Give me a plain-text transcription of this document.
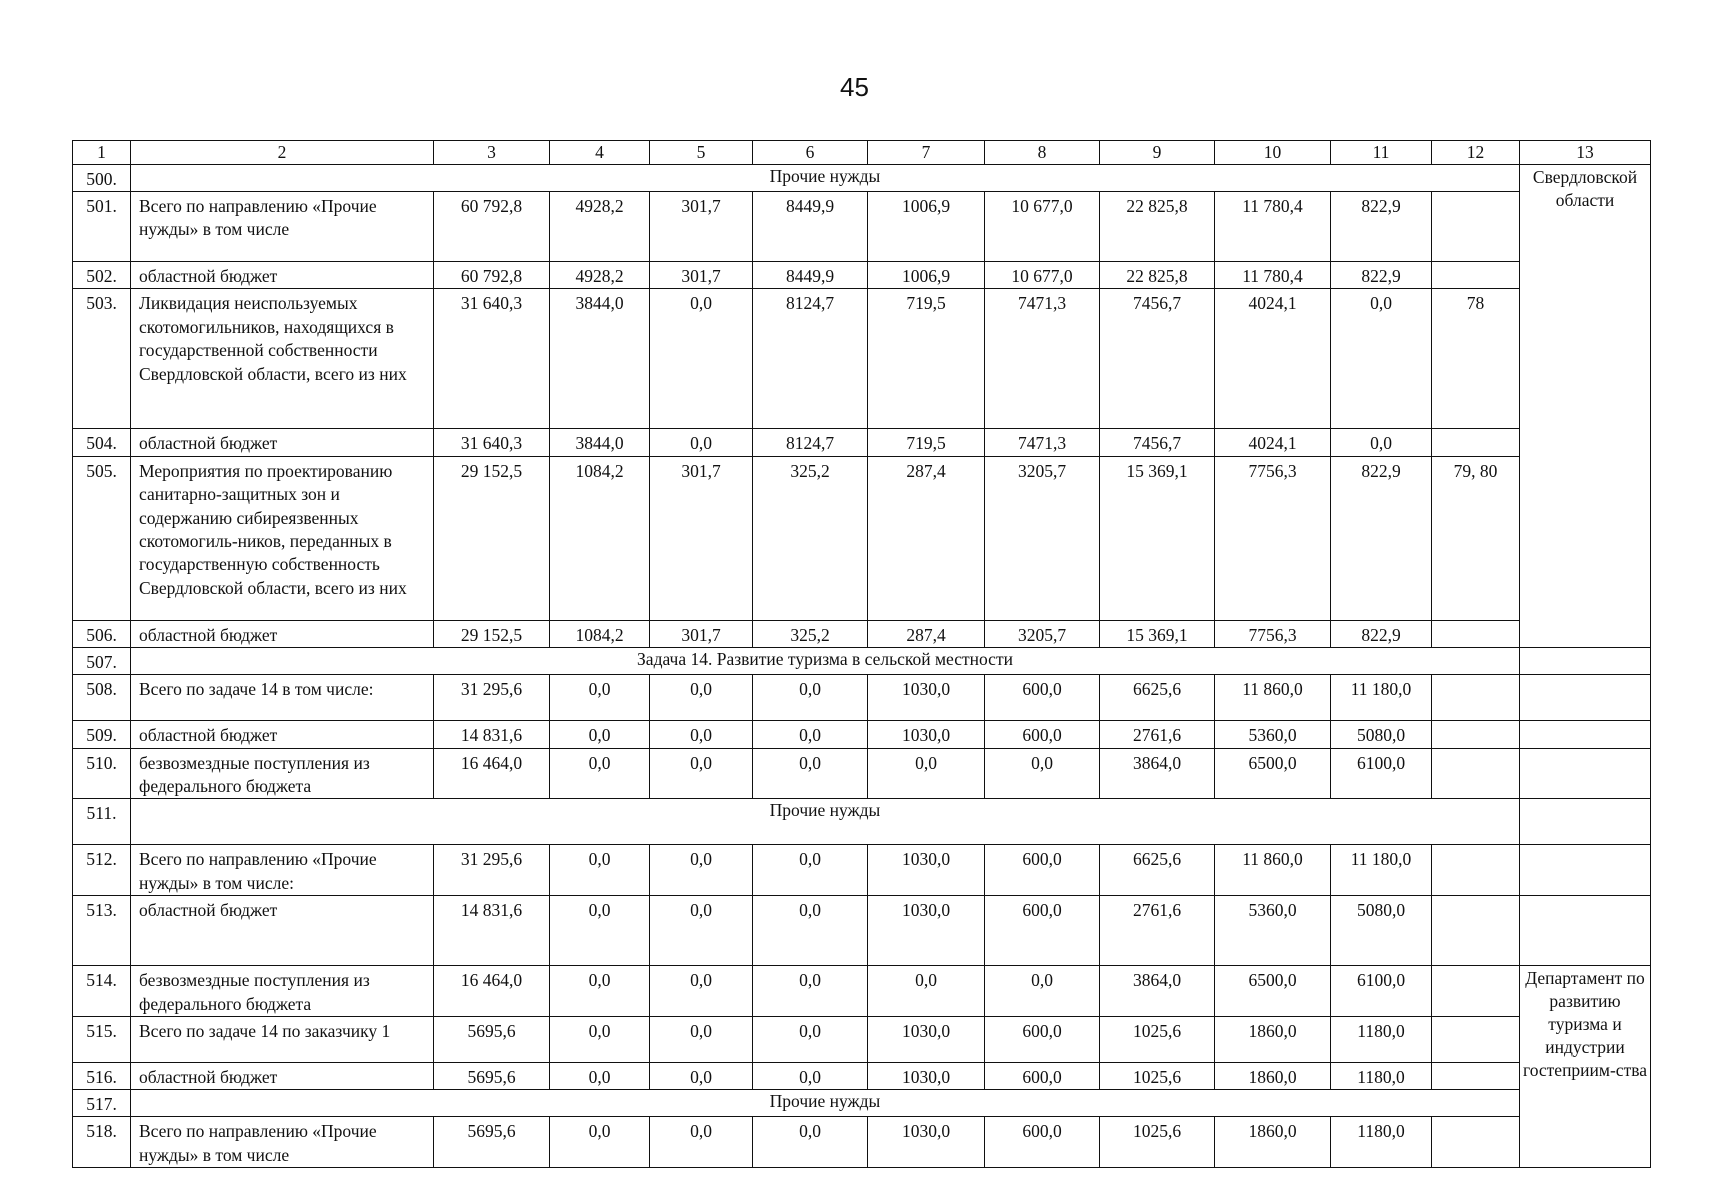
45
1	2	3	4	5	6	7	8	9	10	11	12	13
500.	Прочие нужды											Свердловской области
501.	Всего по направлению «Прочие нужды» в том числе	60 792,8	4928,2	301,7	8449,9	1006,9	10 677,0	22 825,8	11 780,4	822,9		
502.	областной бюджет	60 792,8	4928,2	301,7	8449,9	1006,9	10 677,0	22 825,8	11 780,4	822,9		
503.	Ликвидация неиспользуемых скотомогильников, находящихся в государственной собственности Свердловской области, всего из них	31 640,3	3844,0	0,0	8124,7	719,5	7471,3	7456,7	4024,1	0,0	78	
504.	областной бюджет	31 640,3	3844,0	0,0	8124,7	719,5	7471,3	7456,7	4024,1	0,0		
505.	Мероприятия по проектированию санитарно-защитных зон и содержанию сибиреязвенных скотомогиль-ников, переданных в государственную собственность Свердловской области, всего из них	29 152,5	1084,2	301,7	325,2	287,4	3205,7	15 369,1	7756,3	822,9	79, 80	
506.	областной бюджет	29 152,5	1084,2	301,7	325,2	287,4	3205,7	15 369,1	7756,3	822,9		
507.	Задача 14. Развитие туризма в сельской местности											
508.	Всего по задаче 14 в том числе:	31 295,6	0,0	0,0	0,0	1030,0	600,0	6625,6	11 860,0	11 180,0		
509.	областной бюджет	14 831,6	0,0	0,0	0,0	1030,0	600,0	2761,6	5360,0	5080,0		
510.	безвозмездные поступления из федерального бюджета	16 464,0	0,0	0,0	0,0	0,0	0,0	3864,0	6500,0	6100,0		
511.	Прочие нужды											
512.	Всего по направлению «Прочие нужды» в том числе:	31 295,6	0,0	0,0	0,0	1030,0	600,0	6625,6	11 860,0	11 180,0		
513.	областной бюджет	14 831,6	0,0	0,0	0,0	1030,0	600,0	2761,6	5360,0	5080,0		
514.	безвозмездные поступления из федерального бюджета	16 464,0	0,0	0,0	0,0	0,0	0,0	3864,0	6500,0	6100,0		Департамент по развитию туризма и индустрии гостеприим-ства
515.	Всего по задаче 14 по заказчику 1	5695,6	0,0	0,0	0,0	1030,0	600,0	1025,6	1860,0	1180,0		
516.	областной бюджет	5695,6	0,0	0,0	0,0	1030,0	600,0	1025,6	1860,0	1180,0		
517.	Прочие нужды											
518.	Всего по направлению «Прочие нужды» в том числе	5695,6	0,0	0,0	0,0	1030,0	600,0	1025,6	1860,0	1180,0		
